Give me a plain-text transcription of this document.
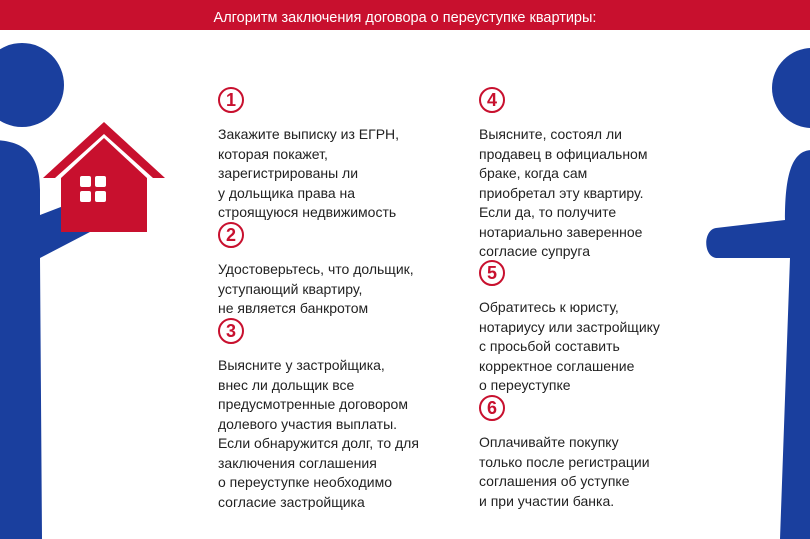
Алгоритм заключения договора о переуступке квартиры:
1

Закажите выписку из ЕГРН,
которая покажет,
зарегистрированы ли
у дольщика права на
строящуюся недвижимость

2

Удостоверьтесь, что дольщик,
уступающий квартиру,
не является банкротом

3

Выясните у застройщика,
внес ли дольщик все
предусмотренные договором
долевого участия выплаты.
Если обнаружится долг, то для
заключения соглашения
о переуступке необходимо
согласие застройщика

4

Выясните, состоял ли
продавец в официальном
браке, когда сам
приобретал эту квартиру.
Если да, то получите
нотариально заверенное
согласие супруга

5

Обратитесь к юристу,
нотариусу или застройщику
с просьбой составить
корректное соглашение
о переуступке

6

Оплачивайте покупку
только после регистрации
соглашения об уступке
и при участии банка.
